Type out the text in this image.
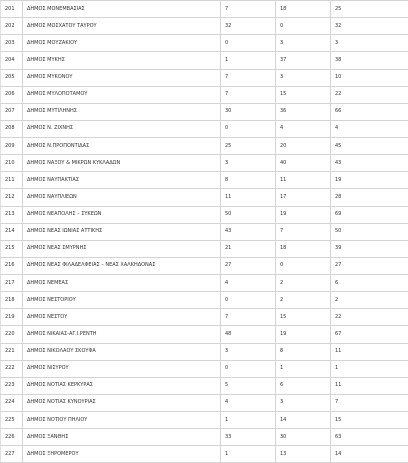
201	ΔΗΜΟΣ ΜΟΝΕΜΒΑΣΙΑΣ	7	18	25
202	ΔΗΜΟΣ ΜΟΣΧΑΤΟΥ ΤΑΥΡΟΥ	32	0	32
203	ΔΗΜΟΣ ΜΟΥΖΑΚΙΟΥ	0	3	3
204	ΔΗΜΟΣ ΜΥΚΗΣ	1	37	38
205	ΔΗΜΟΣ ΜΥΚΟΝΟΥ	7	3	10
206	ΔΗΜΟΣ ΜΥΛΟΠΟΤΑΜΟΥ	7	15	22
207	ΔΗΜΟΣ ΜΥΤΙΛΗΝΗΣ	30	36	66
208	ΔΗΜΟΣ Ν. ΖΙΧΝΗΣ	0	4	4
209	ΔΗΜΟΣ Ν.ΠΡΟΠΟΝΤΙΔΑΣ	25	20	45
210	ΔΗΜΟΣ ΝΑΞΟΥ & ΜΙΚΡΩΝ ΚΥΚΛΑΔΩΝ	3	40	43
211	ΔΗΜΟΣ ΝΑΥΠΑΚΤΙΑΣ	8	11	19
212	ΔΗΜΟΣ ΝΑΥΠΛΙΕΩΝ	11	17	28
213	ΔΗΜΟΣ ΝΕΑΠΟΛΗΣ – ΣΥΚΕΩΝ	50	19	69
214	ΔΗΜΟΣ ΝΕΑΣ ΙΩΝΙΑΣ ΑΤΤΙΚΗΣ	43	7	50
215	ΔΗΜΟΣ ΝΕΑΣ ΣΜΥΡΝΗΣ	21	18	39
216	ΔΗΜΟΣ ΝΕΑΣ ΦΙΛΑΔΕΛΦΕΙΑΣ – ΝΕΑΣ ΧΑΛΚΗΔΟΝΑΣ	27	0	27
217	ΔΗΜΟΣ ΝΕΜΕΑΣ	4	2	6
218	ΔΗΜΟΣ ΝΕΣΤΟΡΙΟΥ	0	2	2
219	ΔΗΜΟΣ ΝΕΣΤΟΥ	7	15	22
220	ΔΗΜΟΣ ΝΙΚΑΙΑΣ-ΑΓ.Ι.ΡΕΝΤΗ	48	19	67
221	ΔΗΜΟΣ ΝΙΚΟΛΑΟΥ ΣΚΟΥΦΑ	3	8	11
222	ΔΗΜΟΣ ΝΙΣΥΡΟΥ	0	1	1
223	ΔΗΜΟΣ ΝΟΤΙΑΣ ΚΕΡΚΥΡΑΣ	5	6	11
224	ΔΗΜΟΣ ΝΟΤΙΑΣ ΚΥΝΟΥΡΙΑΣ	4	3	7
225	ΔΗΜΟΣ ΝΟΤΙΟΥ ΠΗΛΙΟΥ	1	14	15
226	ΔΗΜΟΣ ΞΑΝΘΗΣ	33	30	63
227	ΔΗΜΟΣ ΞΗΡΟΜΕΡΟΥ	1	13	14
